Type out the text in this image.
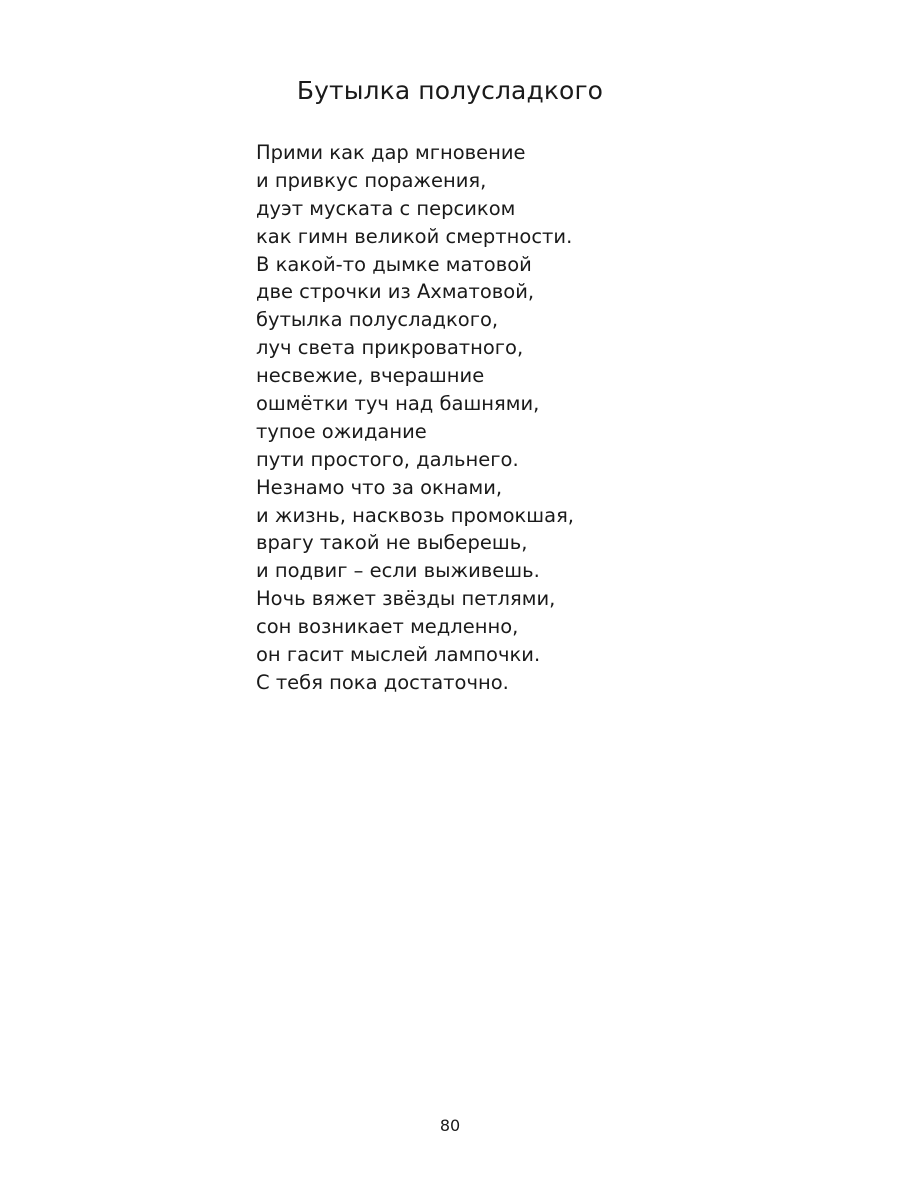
Бутылка полусладкого
Прими как дар мгновение
и привкус поражения,
дуэт муската с персиком
как гимн великой смертности.
В какой-то дымке матовой
две строчки из Ахматовой,
бутылка полусладкого,
луч света прикроватного,
несвежие, вчерашние
ошмётки туч над башнями,
тупое ожидание
пути простого, дальнего.
Незнамо что за окнами,
и жизнь, насквозь промокшая,
врагу такой не выберешь,
и подвиг – если выживешь.
Ночь вяжет звёзды петлями,
сон возникает медленно,
он гасит мыслей лампочки.
С тебя пока достаточно.
80
